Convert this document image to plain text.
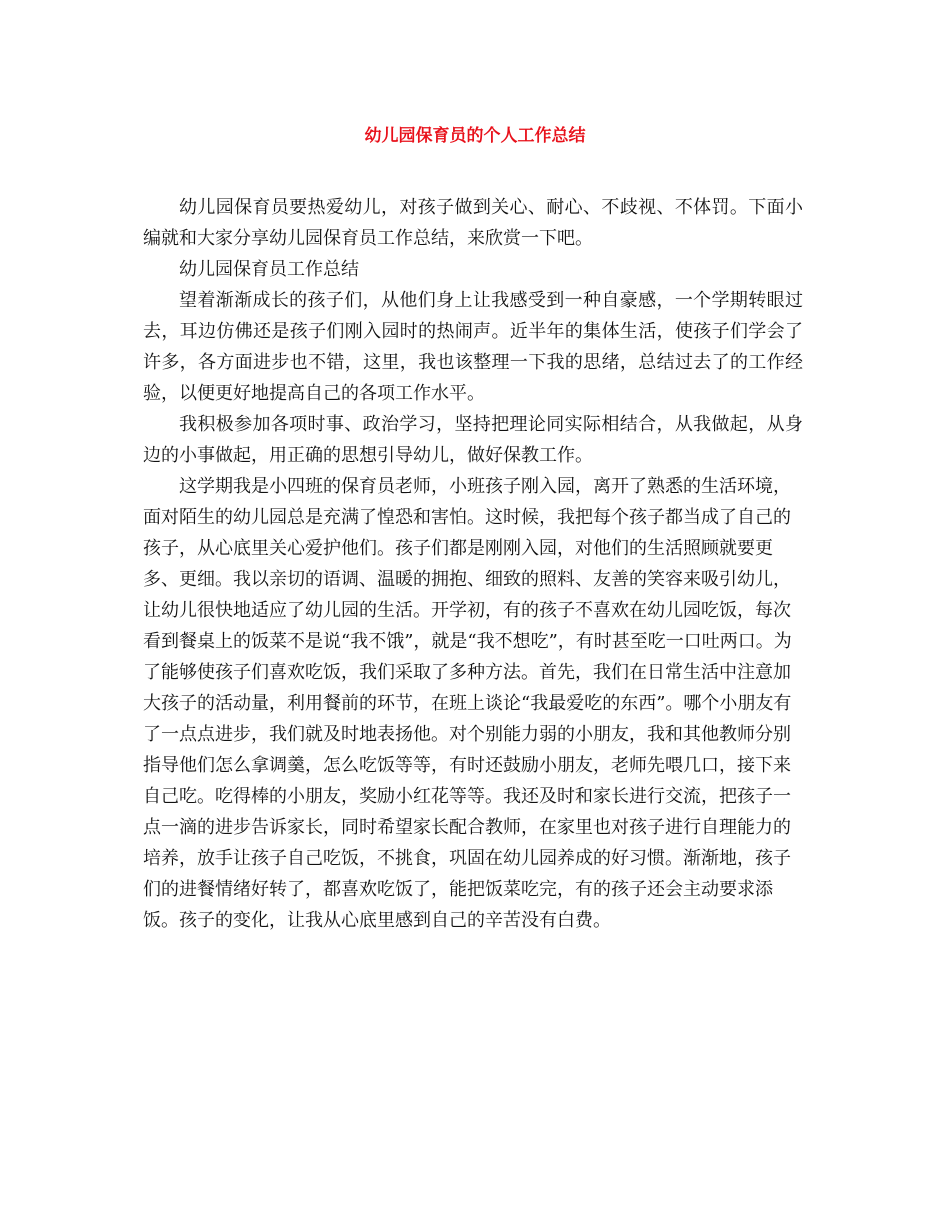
幼儿园保育员的个人工作总结

幼儿园保育员要热爱幼儿，对孩子做到关心、耐心、不歧视、不体罚。下面小编就和大家分享幼儿园保育员工作总结，来欣赏一下吧。

幼儿园保育员工作总结

望着渐渐成长的孩子们，从他们身上让我感受到一种自豪感，一个学期转眼过去，耳边仿佛还是孩子们刚入园时的热闹声。近半年的集体生活，使孩子们学会了许多，各方面进步也不错，这里，我也该整理一下我的思绪，总结过去了的工作经验，以便更好地提高自己的各项工作水平。

我积极参加各项时事、政治学习，坚持把理论同实际相结合，从我做起，从身边的小事做起，用正确的思想引导幼儿，做好保教工作。

这学期我是小四班的保育员老师，小班孩子刚入园，离开了熟悉的生活环境，面对陌生的幼儿园总是充满了惶恐和害怕。这时候，我把每个孩子都当成了自己的孩子，从心底里关心爱护他们。孩子们都是刚刚入园，对他们的生活照顾就要更多、更细。我以亲切的语调、温暖的拥抱、细致的照料、友善的笑容来吸引幼儿，让幼儿很快地适应了幼儿园的生活。开学初，有的孩子不喜欢在幼儿园吃饭，每次看到餐桌上的饭菜不是说“我不饿”，就是“我不想吃”，有时甚至吃一口吐两口。为了能够使孩子们喜欢吃饭，我们采取了多种方法。首先，我们在日常生活中注意加大孩子的活动量，利用餐前的环节，在班上谈论“我最爱吃的东西”。哪个小朋友有了一点点进步，我们就及时地表扬他。对个别能力弱的小朋友，我和其他教师分别指导他们怎么拿调羹，怎么吃饭等等，有时还鼓励小朋友，老师先喂几口，接下来自己吃。吃得棒的小朋友，奖励小红花等等。我还及时和家长进行交流，把孩子一点一滴的进步告诉家长，同时希望家长配合教师，在家里也对孩子进行自理能力的培养，放手让孩子自己吃饭，不挑食，巩固在幼儿园养成的好习惯。渐渐地，孩子们的进餐情绪好转了，都喜欢吃饭了，能把饭菜吃完，有的孩子还会主动要求添饭。孩子的变化，让我从心底里感到自己的辛苦没有白费。
